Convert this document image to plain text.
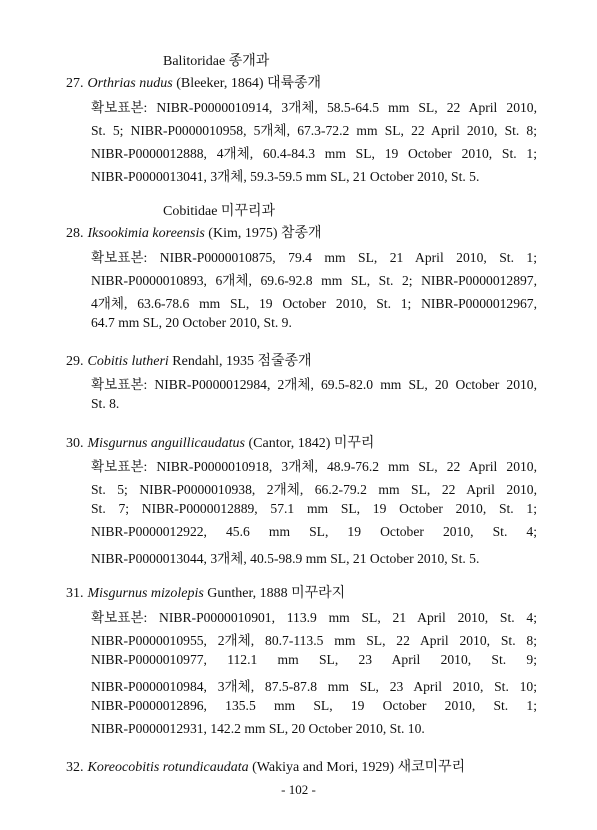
Balitoridae 종개과
27. Orthrias nudus (Bleeker, 1864) 대륙종개
확보표본: NIBR-P0000010914, 3개체, 58.5-64.5 mm SL, 22 April 2010,
St. 5; NIBR-P0000010958, 5개체, 67.3-72.2 mm SL, 22 April 2010, St. 8;
NIBR-P0000012888, 4개체, 60.4-84.3 mm SL, 19 October 2010, St. 1;
NIBR-P0000013041, 3개체, 59.3-59.5 mm SL, 21 October 2010, St. 5.
Cobitidae 미꾸리과
28. Iksookimia koreensis (Kim, 1975) 참종개
확보표본: NIBR-P0000010875, 79.4 mm SL, 21 April 2010, St. 1;
NIBR-P0000010893, 6개체, 69.6-92.8 mm SL, St. 2; NIBR-P0000012897,
4개체, 63.6-78.6 mm SL, 19 October 2010, St. 1; NIBR-P0000012967,
64.7 mm SL, 20 October 2010, St. 9.
29. Cobitis lutheri Rendahl, 1935 점줄종개
확보표본: NIBR-P0000012984, 2개체, 69.5-82.0 mm SL, 20 October 2010,
St. 8.
30. Misgurnus anguillicaudatus (Cantor, 1842) 미꾸리
확보표본: NIBR-P0000010918, 3개체, 48.9-76.2 mm SL, 22 April 2010,
St. 5; NIBR-P0000010938, 2개체, 66.2-79.2 mm SL, 22 April 2010,
St. 7; NIBR-P0000012889, 57.1 mm SL, 19 October 2010, St. 1;
NIBR-P0000012922, 45.6 mm SL, 19 October 2010, St. 4;
NIBR-P0000013044, 3개체, 40.5-98.9 mm SL, 21 October 2010, St. 5.
31. Misgurnus mizolepis Gunther, 1888 미꾸라지
확보표본: NIBR-P0000010901, 113.9 mm SL, 21 April 2010, St. 4;
NIBR-P0000010955, 2개체, 80.7-113.5 mm SL, 22 April 2010, St. 8;
NIBR-P0000010977, 112.1 mm SL, 23 April 2010, St. 9;
NIBR-P0000010984, 3개체, 87.5-87.8 mm SL, 23 April 2010, St. 10;
NIBR-P0000012896, 135.5 mm SL, 19 October 2010, St. 1;
NIBR-P0000012931, 142.2 mm SL, 20 October 2010, St. 10.
32. Koreocobitis rotundicaudata (Wakiya and Mori, 1929) 새코미꾸리
- 102 -
